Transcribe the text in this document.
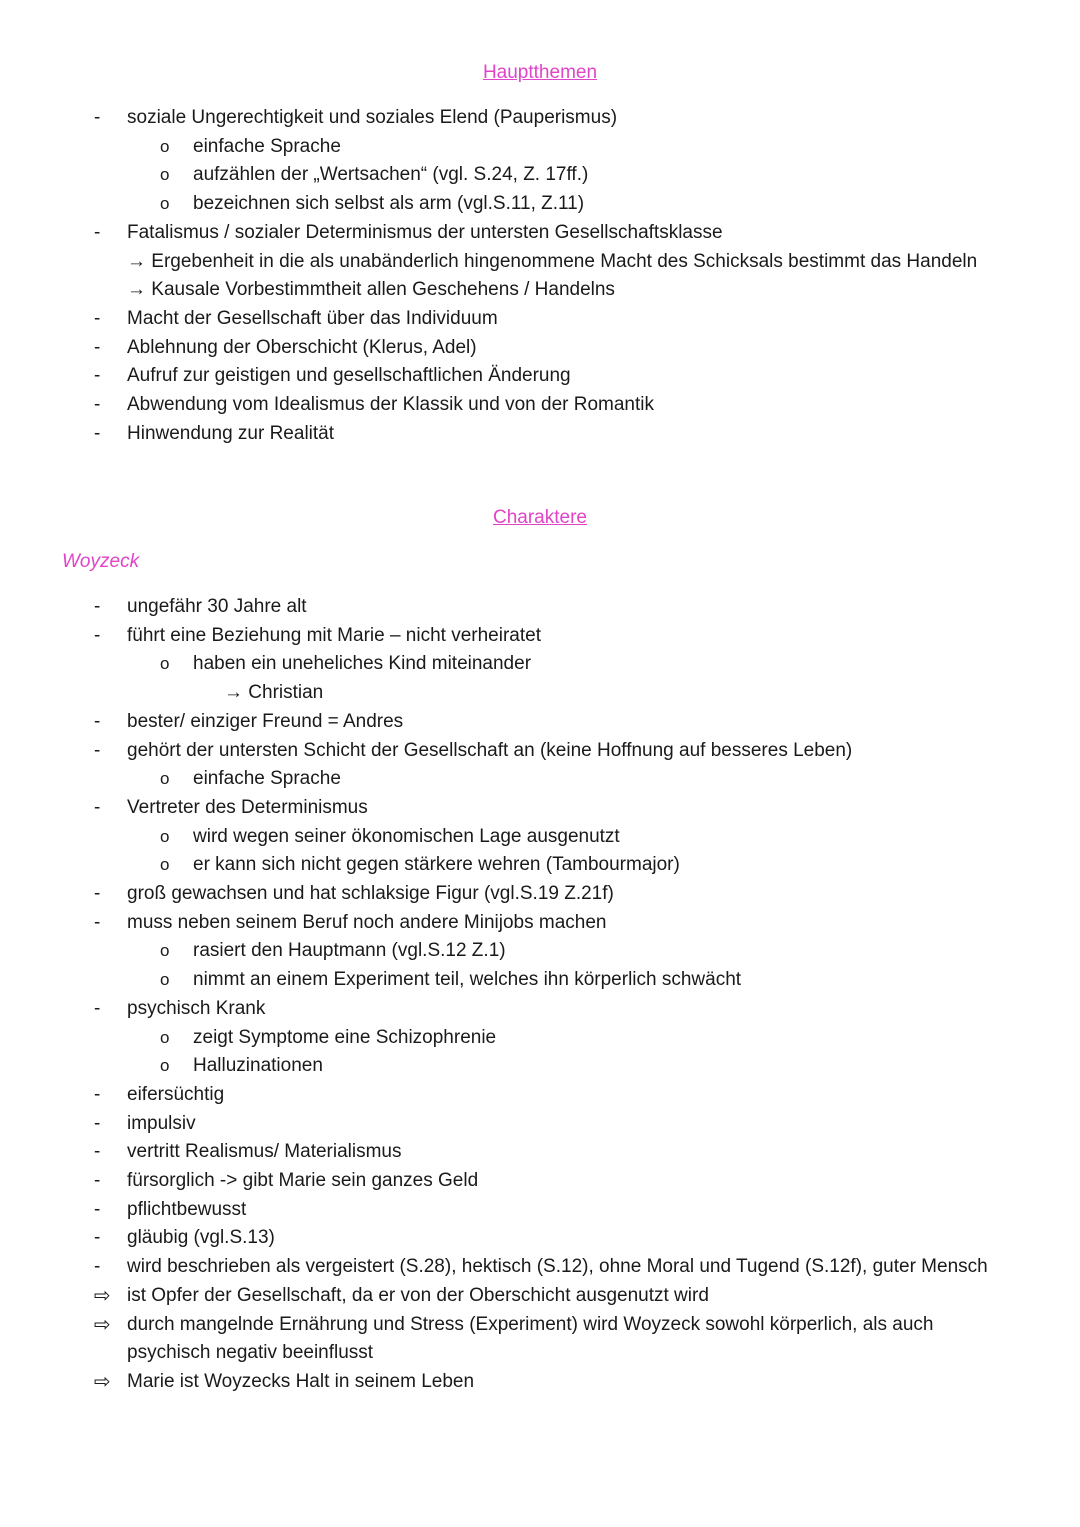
Hauptthemen
- soziale Ungerechtigkeit und soziales Elend (Pauperismus)
o einfache Sprache
o aufzählen der „Wertsachen“ (vgl. S.24, Z. 17ff.)
o bezeichnen sich selbst als arm (vgl.S.11, Z.11)
- Fatalismus / sozialer Determinismus der untersten Gesellschaftsklasse
→ Ergebenheit in die als unabänderlich hingenommene Macht des Schicksals bestimmt das Handeln
→ Kausale Vorbestimmtheit allen Geschehens / Handelns
- Macht der Gesellschaft über das Individuum
- Ablehnung der Oberschicht (Klerus, Adel)
- Aufruf zur geistigen und gesellschaftlichen Änderung
- Abwendung vom Idealismus der Klassik und von der Romantik
- Hinwendung zur Realität
Charaktere
Woyzeck
- ungefähr 30 Jahre alt
- führt eine Beziehung mit Marie – nicht verheiratet
o haben ein uneheliches Kind miteinander
→ Christian
- bester/ einziger Freund = Andres
- gehört der untersten Schicht der Gesellschaft an (keine Hoffnung auf besseres Leben)
o einfache Sprache
- Vertreter des Determinismus
o wird wegen seiner ökonomischen Lage ausgenutzt
o er kann sich nicht gegen stärkere wehren (Tambourmajor)
- groß gewachsen und hat schlaksige Figur (vgl.S.19 Z.21f)
- muss neben seinem Beruf noch andere Minijobs machen
o rasiert den Hauptmann (vgl.S.12 Z.1)
o nimmt an einem Experiment teil, welches ihn körperlich schwächt
- psychisch Krank
o zeigt Symptome eine Schizophrenie
o Halluzinationen
- eifersüchtig
- impulsiv
- vertritt Realismus/ Materialismus
- fürsorglich -> gibt Marie sein ganzes Geld
- pflichtbewusst
- gläubig (vgl.S.13)
- wird beschrieben als vergeistert (S.28), hektisch (S.12), ohne Moral und Tugend (S.12f), guter Mensch
⇨ ist Opfer der Gesellschaft, da er von der Oberschicht ausgenutzt wird
⇨ durch mangelnde Ernährung und Stress (Experiment) wird Woyzeck sowohl körperlich, als auch
psychisch negativ beeinflusst
⇨ Marie ist Woyzecks Halt in seinem Leben
